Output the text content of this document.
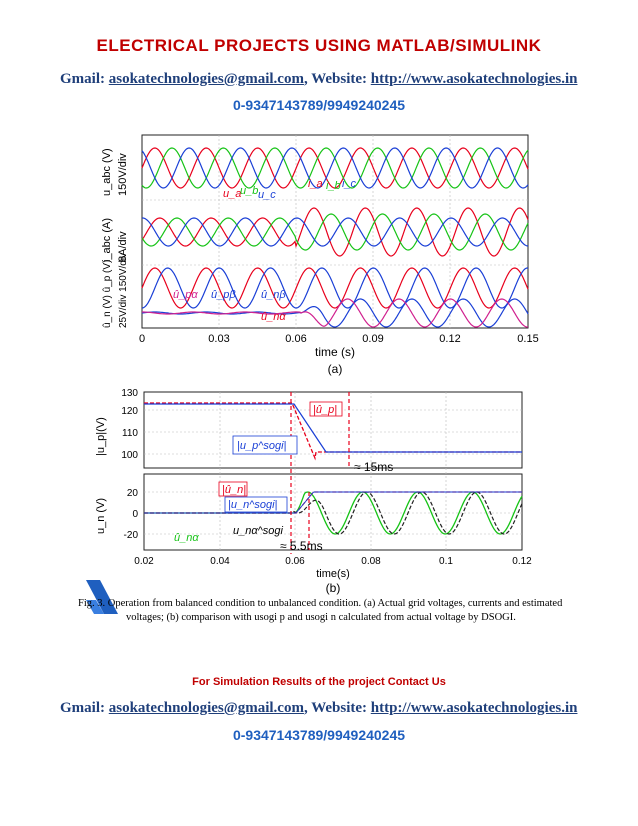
ELECTRICAL PROJECTS USING MATLAB/SIMULINK
Gmail: asokatechnologies@gmail.com, Website: http://www.asokatechnologies.in
0-9347143789/9949240245
0	0.03	0.06	0.09	0.12	0.15
time (s)
(a)
u_abc (V) 150V/div
i_abc (A) 8A/div
û_n (V) û_p (V) 25V/div 150V/div
u_a
u_b u_c
i_a i_b i_c
û_pα û_pβ û_nβ
û_nα
130
120
110
100
20
0
-20
0.02	0.04	0.06	0.08	0.1	0.12
time(s)
(b)
|u_p|(V)
u_n (V)
|u_p^sogi|
|û_p|
≈ 15ms
|û_n|
|u_n^sogi|
û_nα
u_nα^sogi
≈ 5.5ms
Fig. 3. Operation from balanced condition to unbalanced condition. (a) Actual grid voltages, currents and estimated
voltages; (b) comparison with usogi p and usogi n calculated from actual voltage by DSOGI.
For Simulation Results of the project Contact Us
Gmail: asokatechnologies@gmail.com, Website: http://www.asokatechnologies.in
0-9347143789/9949240245
